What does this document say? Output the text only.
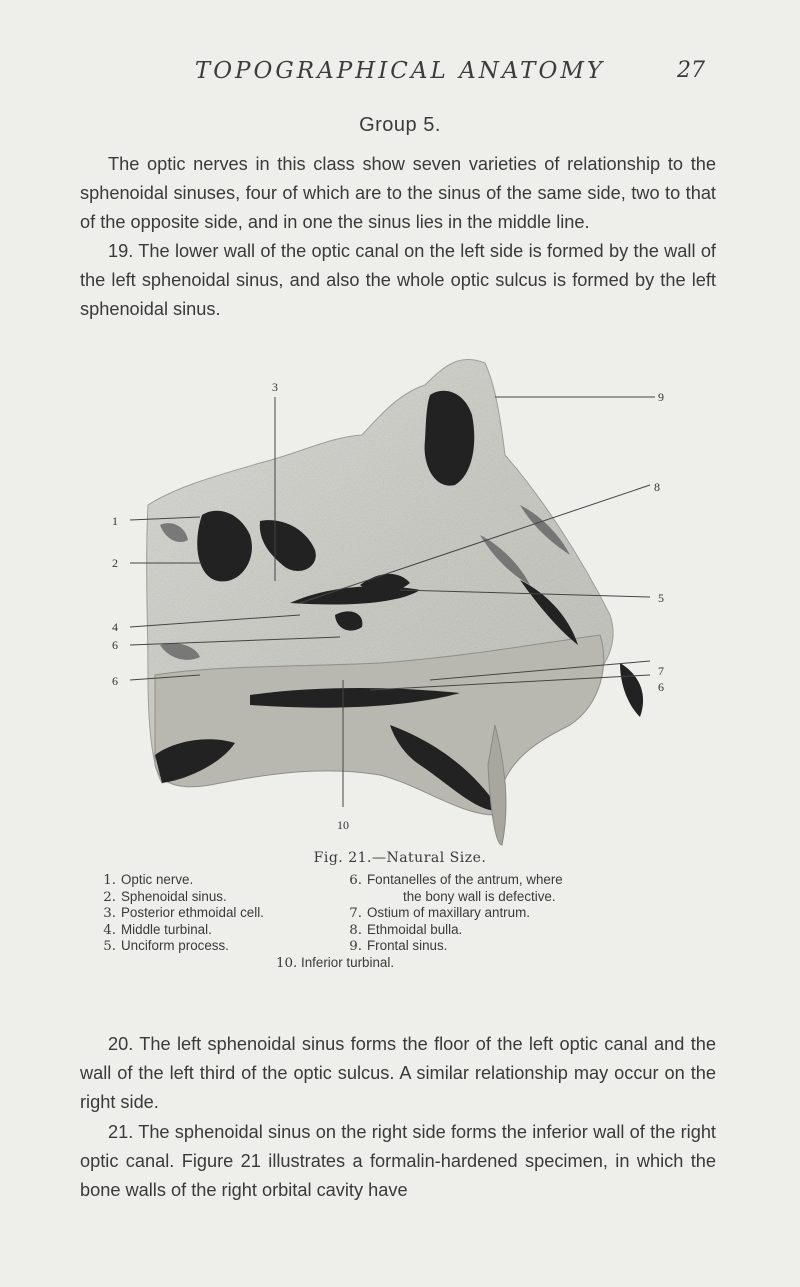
TOPOGRAPHICAL ANATOMY	27
Group 5.

The optic nerves in this class show seven varieties of relationship to the sphenoidal sinuses, four of which are to the sinus of the same side, two to that of the opposite side, and in one the sinus lies in the middle line.

19. The lower wall of the optic canal on the left side is formed by the wall of the left sphenoidal sinus, and also the whole optic sulcus is formed by the left sphenoidal sinus.

3
1
2
4
6
6
10
9
8
5
7
6
Fig. 21.—Natural Size.
1. Optic nerve.
2. Sphenoidal sinus.
3. Posterior ethmoidal cell.
4. Middle turbinal.
5. Unciform process.
6. Fontanelles of the antrum, where
the bony wall is defective.
7. Ostium of maxillary antrum.
8. Ethmoidal bulla.
9. Frontal sinus.
10. Inferior turbinal.
20. The left sphenoidal sinus forms the floor of the left optic canal and the wall of the left third of the optic sulcus. A similar relationship may occur on the right side.
21. The sphenoidal sinus on the right side forms the inferior wall of the right optic canal. Figure 21 illustrates a formalin-hardened specimen, in which the bone walls of the right orbital cavity have
